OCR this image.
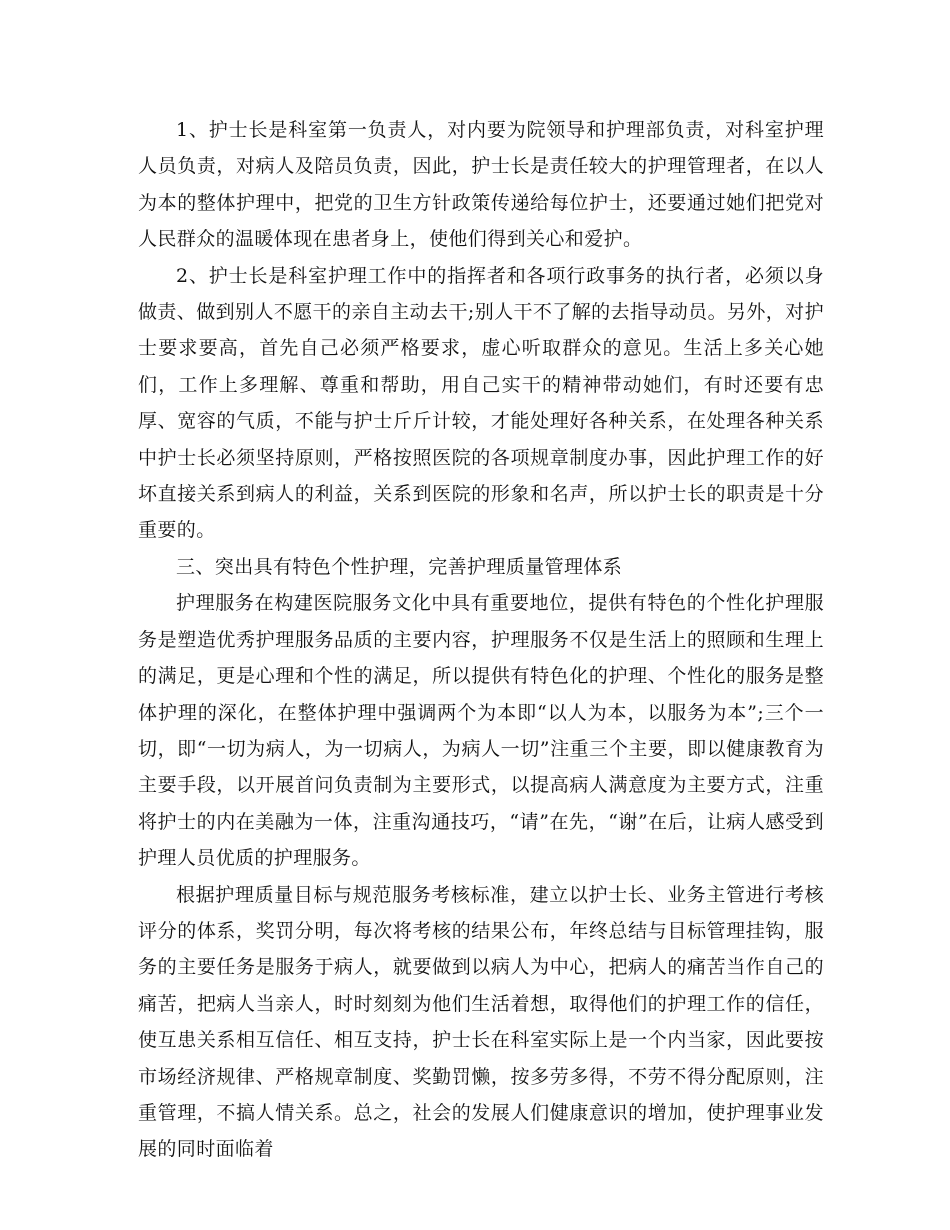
1、护士长是科室第一负责人，对内要为院领导和护理部负责，对科室护理人员负责，对病人及陪员负责，因此，护士长是责任较大的护理管理者，在以人为本的整体护理中，把党的卫生方针政策传递给每位护士，还要通过她们把党对人民群众的温暖体现在患者身上，使他们得到关心和爱护。

2、护士长是科室护理工作中的指挥者和各项行政事务的执行者，必须以身做责、做到别人不愿干的亲自主动去干;别人干不了解的去指导动员。另外，对护士要求要高，首先自己必须严格要求，虚心听取群众的意见。生活上多关心她们，工作上多理解、尊重和帮助，用自己实干的精神带动她们，有时还要有忠厚、宽容的气质，不能与护士斤斤计较，才能处理好各种关系，在处理各种关系中护士长必须坚持原则，严格按照医院的各项规章制度办事，因此护理工作的好坏直接关系到病人的利益，关系到医院的形象和名声，所以护士长的职责是十分重要的。

三、突出具有特色个性护理，完善护理质量管理体系

护理服务在构建医院服务文化中具有重要地位，提供有特色的个性化护理服务是塑造优秀护理服务品质的主要内容，护理服务不仅是生活上的照顾和生理上的满足，更是心理和个性的满足，所以提供有特色化的护理、个性化的服务是整体护理的深化，在整体护理中强调两个为本即“以人为本，以服务为本”;三个一切，即“一切为病人，为一切病人，为病人一切”注重三个主要，即以健康教育为主要手段，以开展首问负责制为主要形式，以提高病人满意度为主要方式，注重将护士的内在美融为一体，注重沟通技巧，“请”在先，“谢”在后，让病人感受到护理人员优质的护理服务。

根据护理质量目标与规范服务考核标准，建立以护士长、业务主管进行考核评分的体系，奖罚分明，每次将考核的结果公布，年终总结与目标管理挂钩，服务的主要任务是服务于病人，就要做到以病人为中心，把病人的痛苦当作自己的痛苦，把病人当亲人，时时刻刻为他们生活着想，取得他们的护理工作的信任，使互患关系相互信任、相互支持，护士长在科室实际上是一个内当家，因此要按市场经济规律、严格规章制度、奖勤罚懒，按多劳多得，不劳不得分配原则，注重管理，不搞人情关系。总之，社会的发展人们健康意识的增加，使护理事业发展的同时面临着
